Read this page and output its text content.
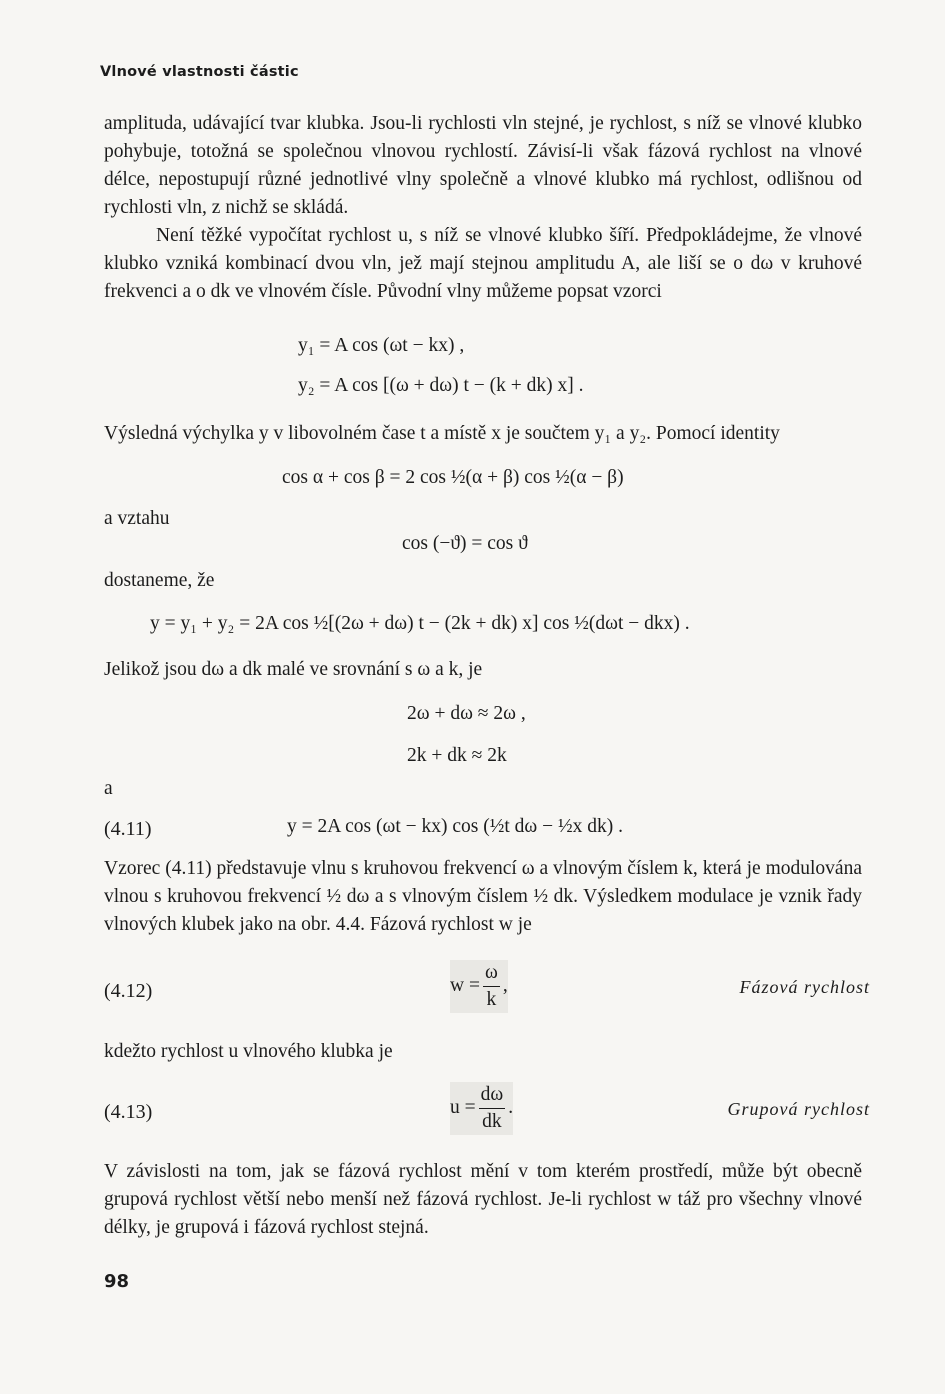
Vlnové vlastnosti částic

amplituda, udávající tvar klubka. Jsou-li rychlosti vln stejné, je rychlost, s níž se vlnové klubko pohybuje, totožná se společnou vlnovou rychlostí. Závisí-li však fázová rychlost na vlnové délce, nepostupují různé jednotlivé vlny společně a vlnové klubko má rychlost, odlišnou od rychlosti vln, z nichž se skládá.

Není těžké vypočítat rychlost u, s níž se vlnové klubko šíří. Předpokládejme, že vlnové klubko vzniká kombinací dvou vln, jež mají stejnou amplitudu A, ale liší se o dω v kruhové frekvenci a o dk ve vlnovém čísle. Původní vlny můžeme popsat vzorci

y₁ = A cos (ωt − kx) ,
y₂ = A cos [(ω + dω) t − (k + dk) x] .
Výsledná výchylka y v libovolném čase t a místě x je součtem y₁ a y₂. Pomocí identity
cos α + cos β = 2 cos ½(α + β) cos ½(α − β)
a vztahu
cos (−ϑ) = cos ϑ
dostaneme, že
y = y₁ + y₂ = 2A cos ½[(2ω + dω) t − (2k + dk) x] cos ½(dωt − dkx) .
Jelikož jsou dω a dk malé ve srovnání s ω a k, je
2ω + dω ≈ 2ω ,
2k + dk ≈ 2k
a
(4.11)	y = 2A cos (ωt − kx) cos (½t dω − ½x dk) .

Vzorec (4.11) představuje vlnu s kruhovou frekvencí ω a vlnovým číslem k, která je modulována vlnou s kruhovou frekvencí ½ dω a s vlnovým číslem ½ dk. Výsledkem modulace je vznik řady vlnových klubek jako na obr. 4.4. Fázová rychlost w je

(4.12)	$w = \frac{\omega}{k}$ ,	Fázová rychlost
kdežto rychlost u vlnového klubka je
(4.13)	$u = \frac{d\omega}{dk}$ .	Grupová rychlost

V závislosti na tom, jak se fázová rychlost mění v tom kterém prostředí, může být obecně grupová rychlost větší nebo menší než fázová rychlost. Je-li rychlost w táž pro všechny vlnové délky, je grupová i fázová rychlost stejná.

98
